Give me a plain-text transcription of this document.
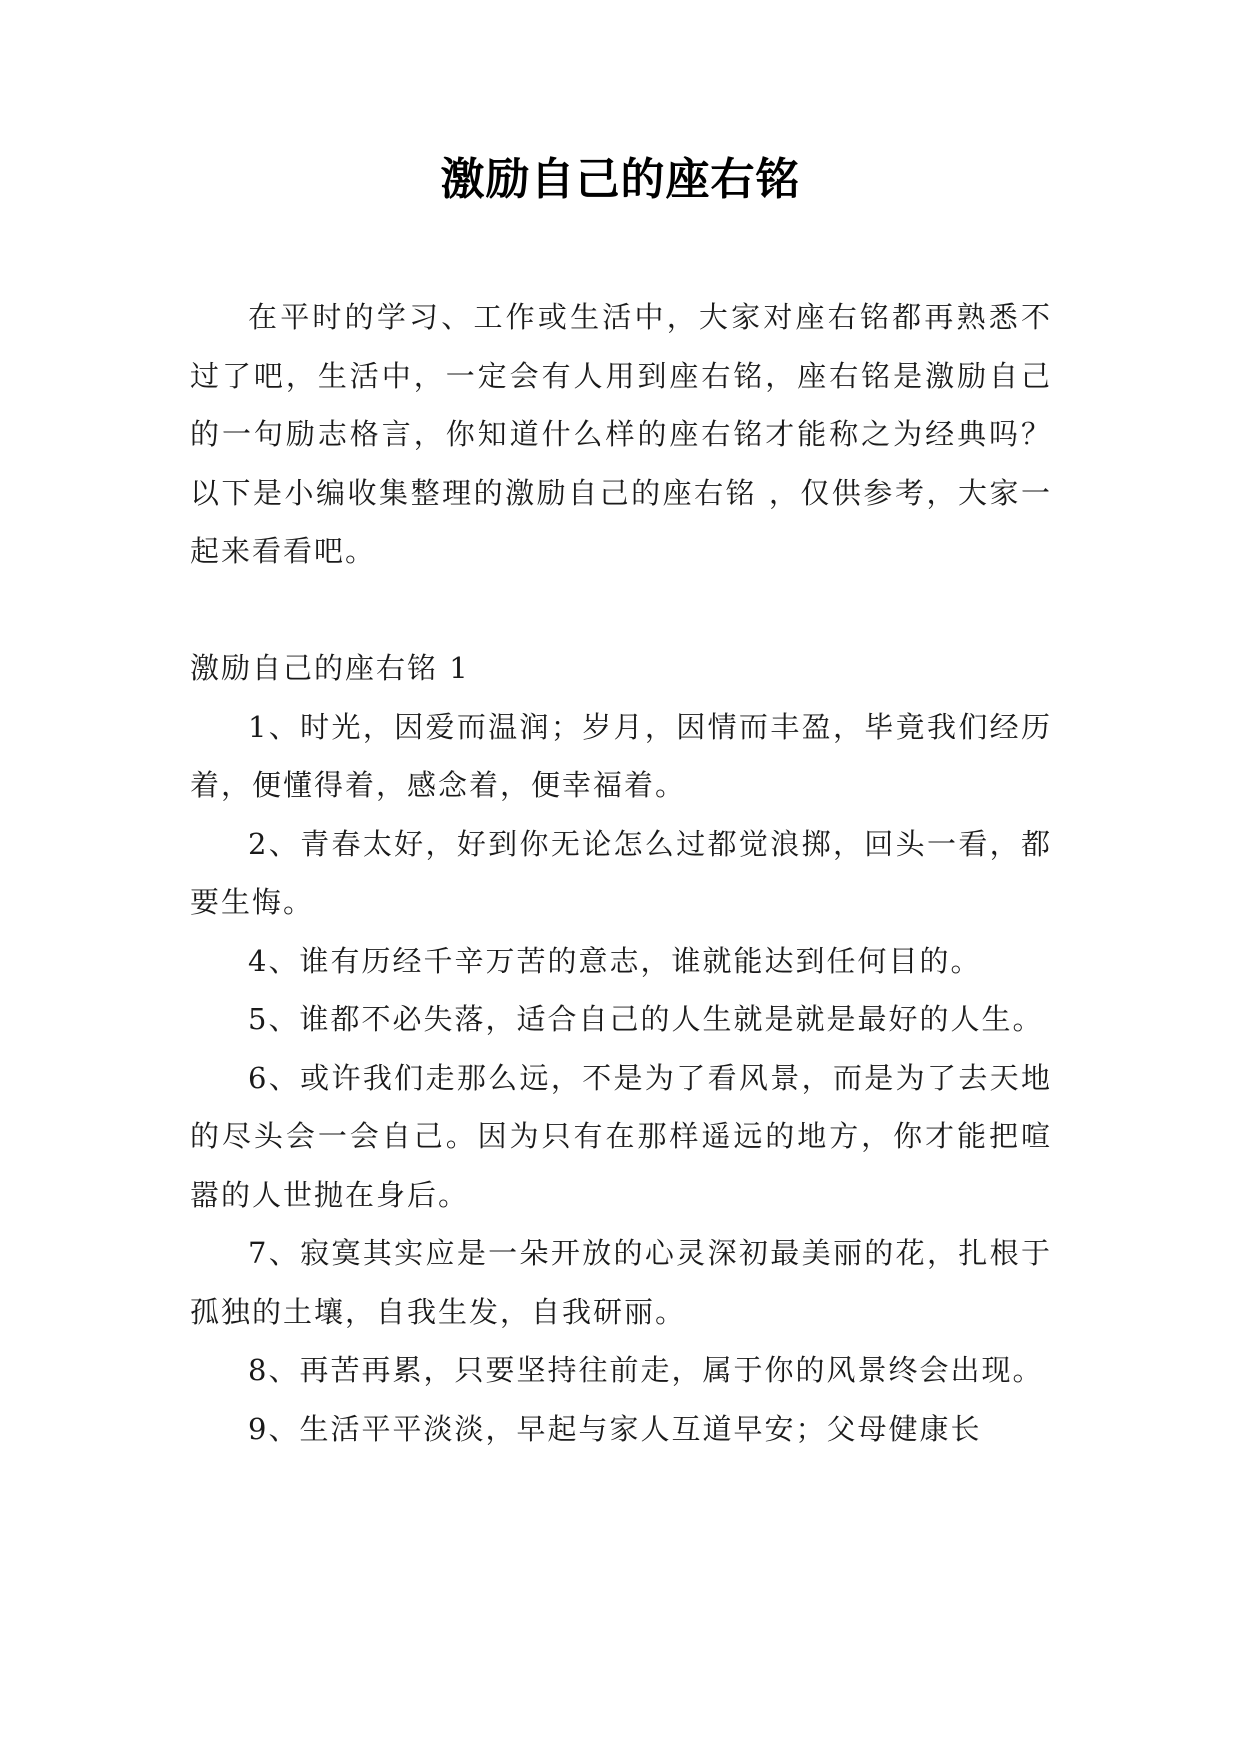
激励自己的座右铭

在平时的学习、工作或生活中，大家对座右铭都再熟悉不过了吧，生活中，一定会有人用到座右铭，座右铭是激励自己的一句励志格言，你知道什么样的座右铭才能称之为经典吗？以下是小编收集整理的激励自己的座右铭 ，仅供参考，大家一起来看看吧。

激励自己的座右铭 1

1、时光，因爱而温润；岁月，因情而丰盈，毕竟我们经历着，便懂得着，感念着，便幸福着。

2、青春太好，好到你无论怎么过都觉浪掷，回头一看，都要生悔。

4、谁有历经千辛万苦的意志，谁就能达到任何目的。

5、谁都不必失落，适合自己的人生就是就是最好的人生。

6、或许我们走那么远，不是为了看风景，而是为了去天地的尽头会一会自己。因为只有在那样遥远的地方，你才能把喧嚣的人世抛在身后。

7、寂寞其实应是一朵开放的心灵深初最美丽的花，扎根于孤独的土壤，自我生发，自我研丽。

8、再苦再累，只要坚持往前走，属于你的风景终会出现。

9、生活平平淡淡，早起与家人互道早安；父母健康长
